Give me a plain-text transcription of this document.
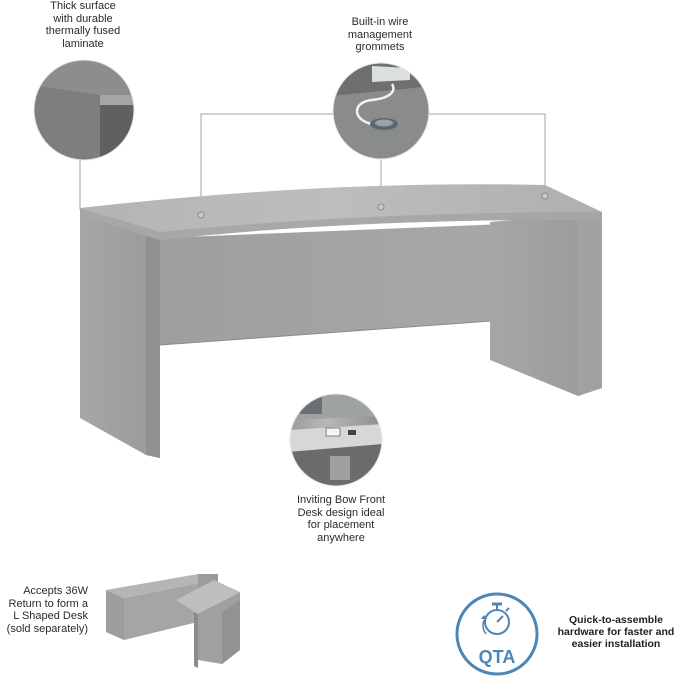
QTA
Thick surface
with durable
thermally fused
laminate
Built-in wire
management
grommets
Inviting Bow Front
Desk design ideal
for placement
anywhere
Accepts 36W
Return to form a
L Shaped Desk
(sold separately)
Quick-to-assemble
hardware for faster and
easier installation
